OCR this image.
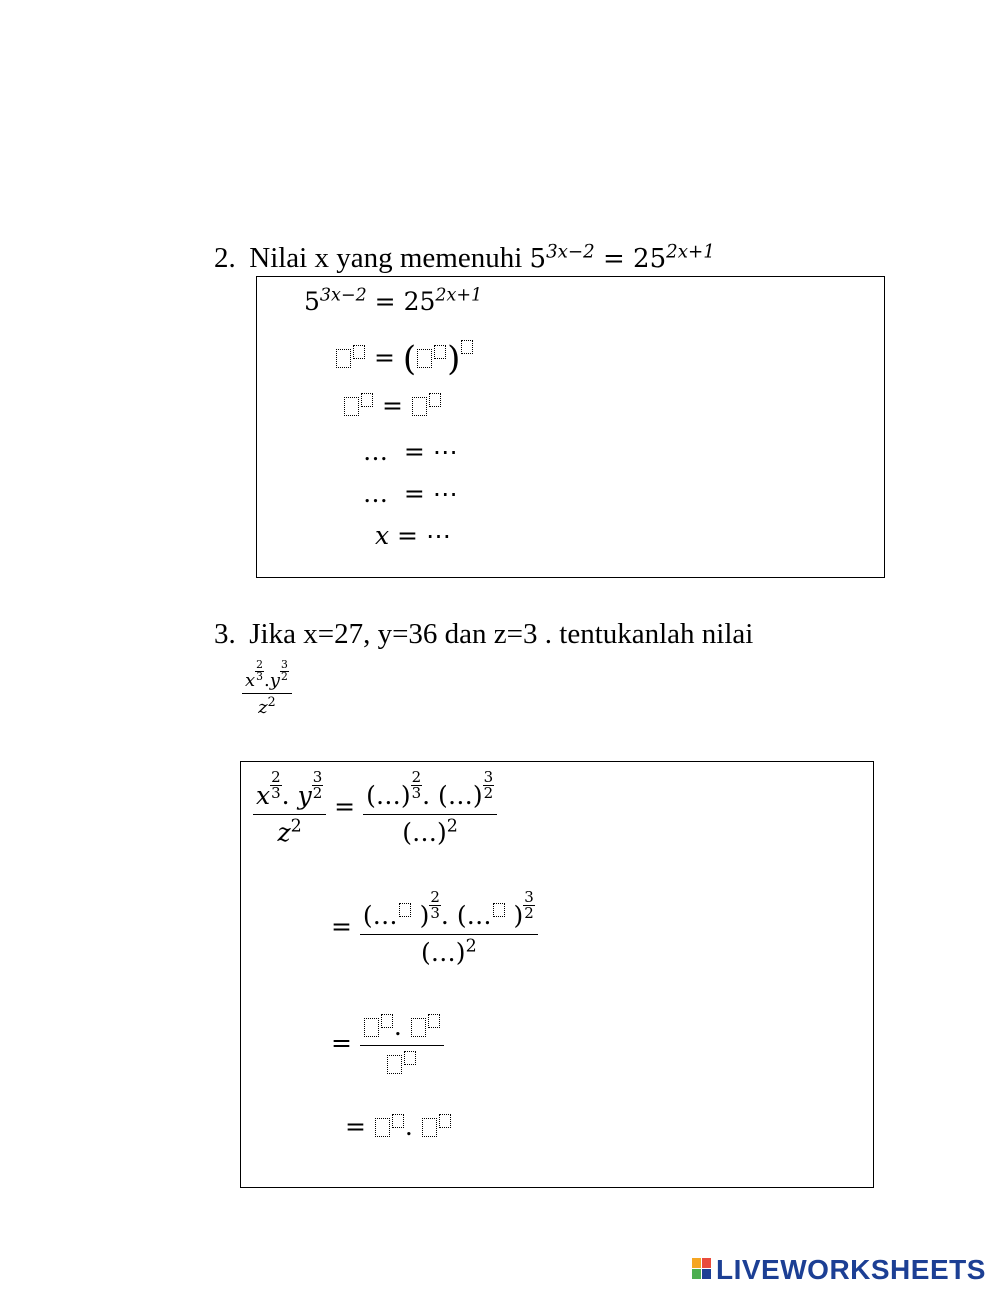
2. Nilai x yang memenuhi $5^{3x-2} = 25^{2x+1}$
$5^{3x-2} = 25^{2x+1}$
= ( )
=
…  = ⋯
…  = ⋯
x = ⋯
3. Jika x=27, y=36 dan z=3 . tentukanlah nilai
$\frac{x \frac{2}{3} .y \frac{3}{2}}{z^2}$
$\frac{x \frac{2}{3} . y \frac{3}{2}}{z^2} = \frac{(\dots) \frac{2}{3} . (\dots) \frac{3}{2}}{(\dots)^2}$
= $\frac{(\dots ) \frac{2}{3} . (\dots ) \frac{3}{2}}{(\dots)^2}$
=
.
= .
LIVEWORKSHEETS
